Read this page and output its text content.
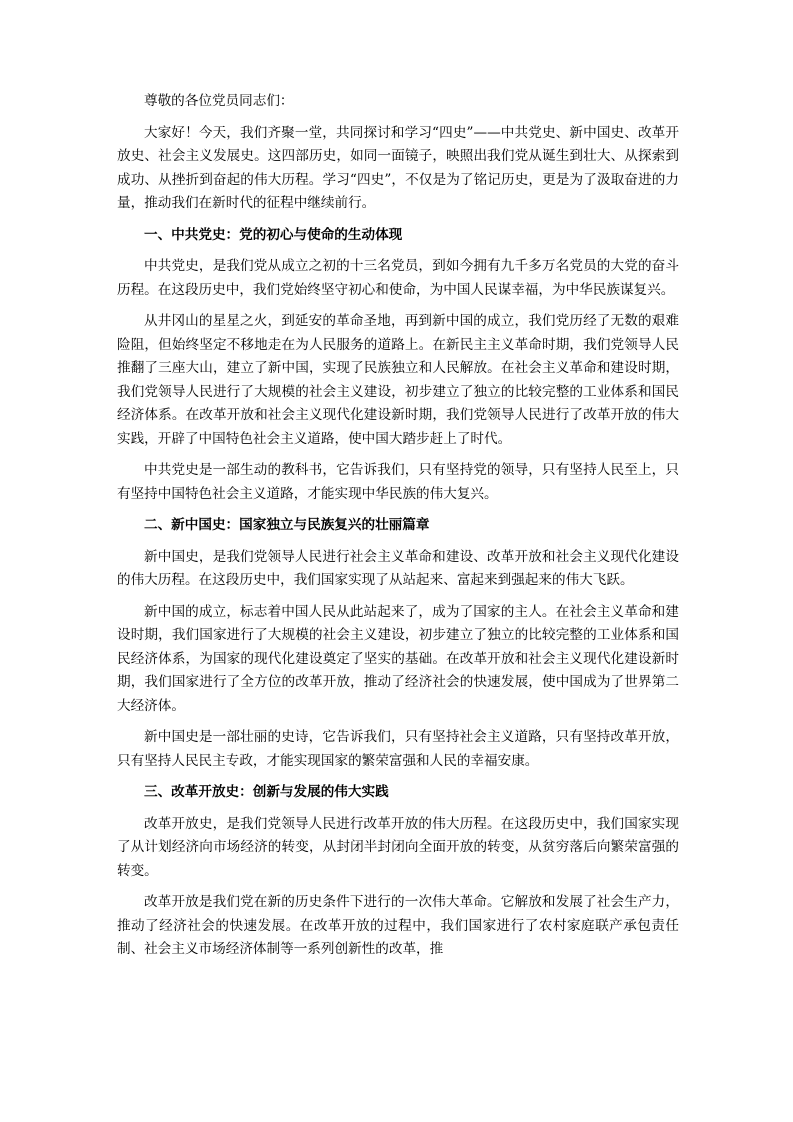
尊敬的各位党员同志们：

大家好！今天，我们齐聚一堂，共同探讨和学习“四史”——中共党史、新中国史、改革开放史、社会主义发展史。这四部历史，如同一面镜子，映照出我们党从诞生到壮大、从探索到成功、从挫折到奋起的伟大历程。学习“四史”，不仅是为了铭记历史，更是为了汲取奋进的力量，推动我们在新时代的征程中继续前行。

一、中共党史：党的初心与使命的生动体现

中共党史，是我们党从成立之初的十三名党员，到如今拥有九千多万名党员的大党的奋斗历程。在这段历史中，我们党始终坚守初心和使命，为中国人民谋幸福，为中华民族谋复兴。

从井冈山的星星之火，到延安的革命圣地，再到新中国的成立，我们党历经了无数的艰难险阻，但始终坚定不移地走在为人民服务的道路上。在新民主主义革命时期，我们党领导人民推翻了三座大山，建立了新中国，实现了民族独立和人民解放。在社会主义革命和建设时期，我们党领导人民进行了大规模的社会主义建设，初步建立了独立的比较完整的工业体系和国民经济体系。在改革开放和社会主义现代化建设新时期，我们党领导人民进行了改革开放的伟大实践，开辟了中国特色社会主义道路，使中国大踏步赶上了时代。

中共党史是一部生动的教科书，它告诉我们，只有坚持党的领导，只有坚持人民至上，只有坚持中国特色社会主义道路，才能实现中华民族的伟大复兴。

二、新中国史：国家独立与民族复兴的壮丽篇章

新中国史，是我们党领导人民进行社会主义革命和建设、改革开放和社会主义现代化建设的伟大历程。在这段历史中，我们国家实现了从站起来、富起来到强起来的伟大飞跃。

新中国的成立，标志着中国人民从此站起来了，成为了国家的主人。在社会主义革命和建设时期，我们国家进行了大规模的社会主义建设，初步建立了独立的比较完整的工业体系和国民经济体系，为国家的现代化建设奠定了坚实的基础。在改革开放和社会主义现代化建设新时期，我们国家进行了全方位的改革开放，推动了经济社会的快速发展，使中国成为了世界第二大经济体。

新中国史是一部壮丽的史诗，它告诉我们，只有坚持社会主义道路，只有坚持改革开放，只有坚持人民民主专政，才能实现国家的繁荣富强和人民的幸福安康。

三、改革开放史：创新与发展的伟大实践

改革开放史，是我们党领导人民进行改革开放的伟大历程。在这段历史中，我们国家实现了从计划经济向市场经济的转变，从封闭半封闭向全面开放的转变，从贫穷落后向繁荣富强的转变。

改革开放是我们党在新的历史条件下进行的一次伟大革命。它解放和发展了社会生产力，推动了经济社会的快速发展。在改革开放的过程中，我们国家进行了农村家庭联产承包责任制、社会主义市场经济体制等一系列创新性的改革，推
